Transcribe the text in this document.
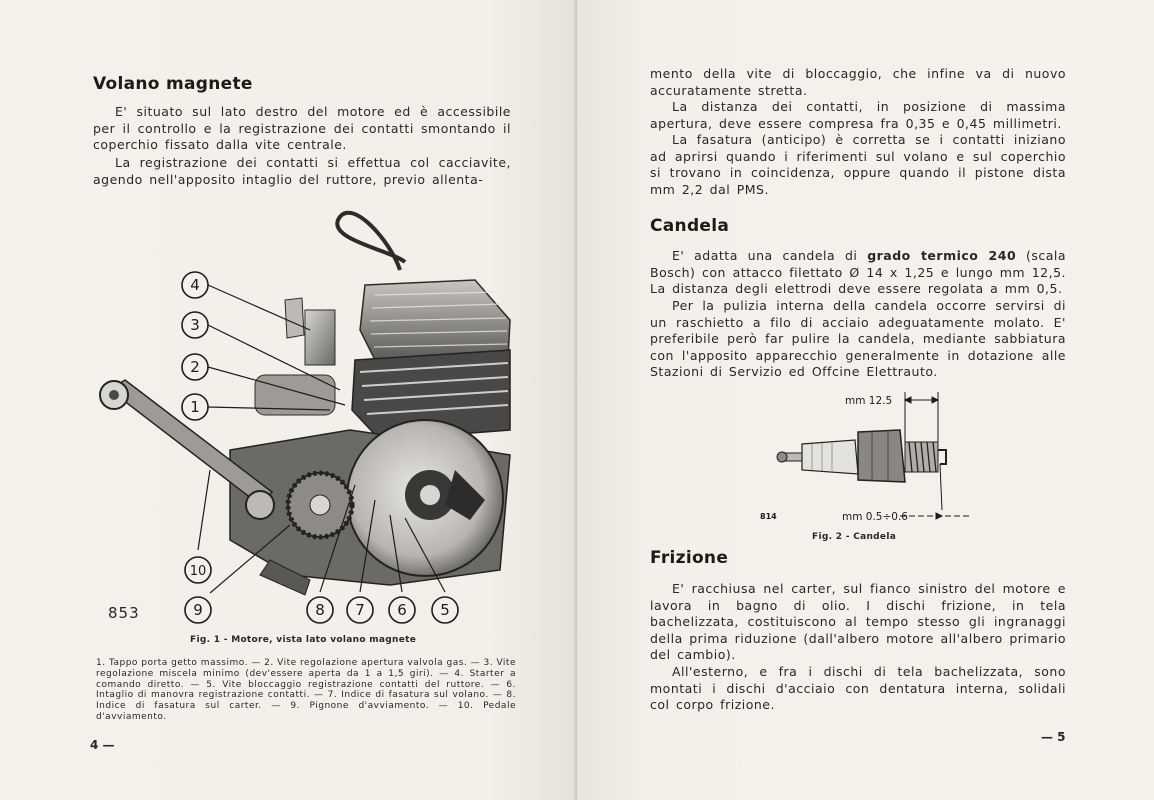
Volano magnete

E' situato sul lato destro del motore ed è accessibile per il controllo e la registrazione dei contatti smontando il coperchio fissato dalla vite centrale.

La registrazione dei contatti si effettua col cacciavite, agendo nell'apposito intaglio del ruttore, previo allenta-

4
3
2
1
10
9	8 7 6 5
853
Fig. 1 - Motore, vista lato volano magnete
1. Tappo porta getto massimo. — 2. Vite regolazione apertura valvola gas. — 3. Vite regolazione miscela minimo (dev'essere aperta da 1 a 1,5 giri). — 4. Starter a comando diretto. — 5. Vite bloccaggio registrazione contatti del ruttore. — 6. Intaglio di manovra registrazione contatti. — 7. Indice di fasatura sul volano. — 8. Indice di fasatura sul carter. — 9. Pignone d'avviamento. — 10. Pedale d'avviamento.
4 —

mento della vite di bloccaggio, che infine va di nuovo accuratamente stretta.

La distanza dei contatti, in posizione di massima apertura, deve essere compresa fra 0,35 e 0,45 millimetri.

La fasatura (anticipo) è corretta se i contatti iniziano ad aprirsi quando i riferimenti sul volano e sul coperchio si trovano in coincidenza, oppure quando il pistone dista mm 2,2 dal PMS.

Candela

E' adatta una candela di grado termico 240 (scala Bosch) con attacco filettato Ø 14 x 1,25 e lungo mm 12,5. La distanza degli elettrodi deve essere regolata a mm 0,5.

Per la pulizia interna della candela occorre servirsi di un raschietto a filo di acciaio adeguatamente molato. E' preferibile però far pulire la candela, mediante sabbiatura con l'apposito apparecchio generalmente in dotazione alle Stazioni di Servizio ed Offcine Elettrauto.

— 5
Frizione

E' racchiusa nel carter, sul fianco sinistro del motore e lavora in bagno di olio. I dischi frizione, in tela bachelizzata, costituiscono al tempo stesso gli ingranaggi della prima riduzione (dall'albero motore all'albero primario del cambio).

All'esterno, e fra i dischi di tela bachelizzata, sono montati i dischi d'acciaio con dentatura interna, solidali col corpo frizione.

mm 12.5
814	mm 0.5÷0.6
Fig. 2 - Candela
